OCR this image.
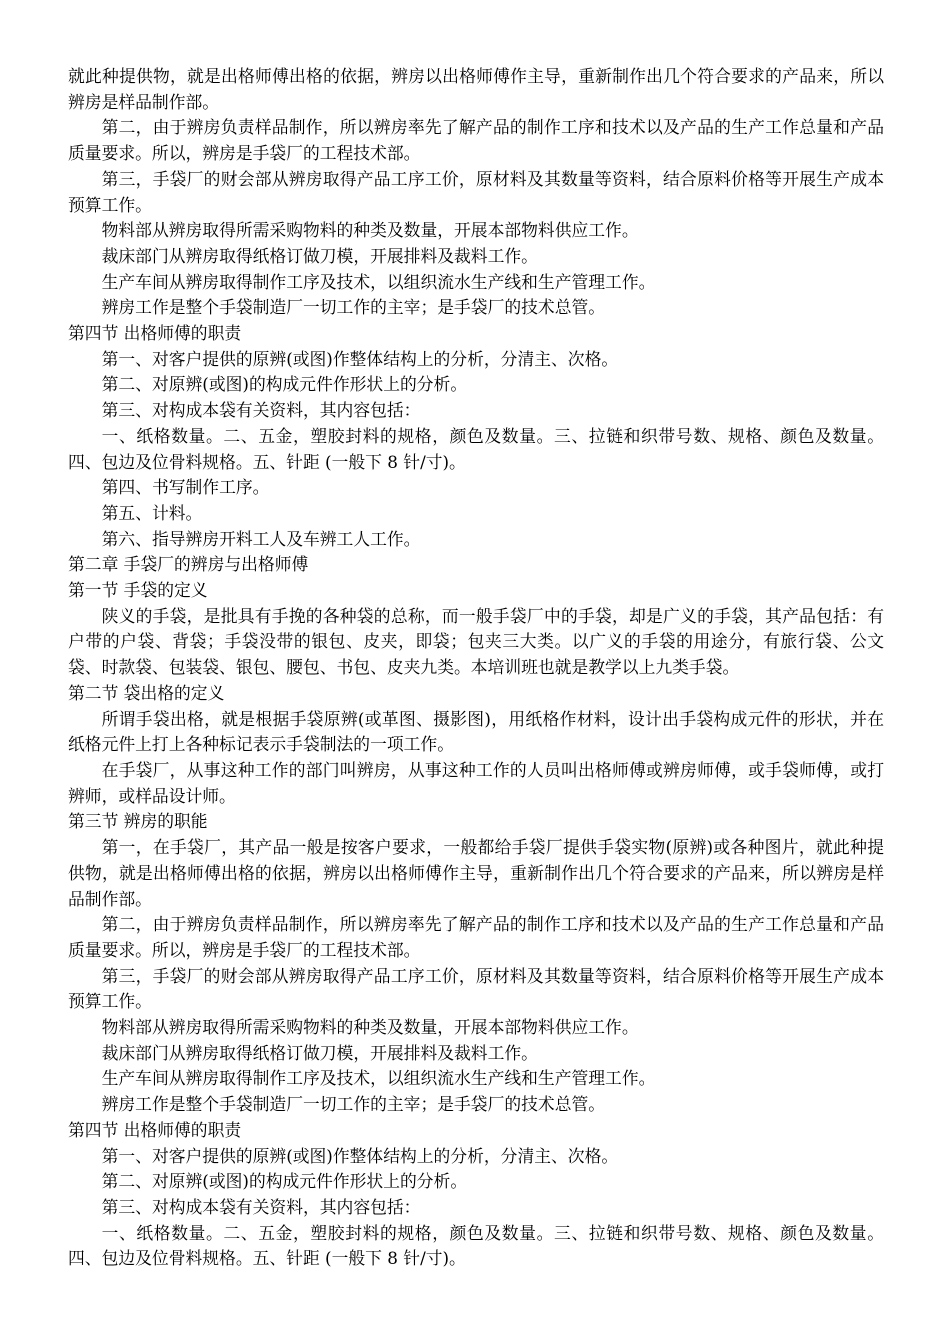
就此种提供物，就是出格师傅出格的依据，辨房以出格师傅作主导，重新制作出几个符合要求的产品来，所以辨房是样品制作部。

第二，由于辨房负责样品制作，所以辨房率先了解产品的制作工序和技术以及产品的生产工作总量和产品质量要求。所以，辨房是手袋厂的工程技术部。

第三，手袋厂的财会部从辨房取得产品工序工价，原材料及其数量等资料，结合原料价格等开展生产成本预算工作。

物料部从辨房取得所需采购物料的种类及数量，开展本部物料供应工作。

裁床部门从辨房取得纸格订做刀模，开展排料及裁料工作。

生产车间从辨房取得制作工序及技术，以组织流水生产线和生产管理工作。

辨房工作是整个手袋制造厂一切工作的主宰；是手袋厂的技术总管。

第四节 出格师傅的职责

第一、对客户提供的原辨(或图)作整体结构上的分析，分清主、次格。

第二、对原辨(或图)的构成元件作形状上的分析。

第三、对构成本袋有关资料，其内容包括：

一、纸格数量。二、五金，塑胶封料的规格，颜色及数量。三、拉链和织带号数、规格、颜色及数量。 四、包边及位骨料规格。五、针距 (一般下 8 针/寸)。

第四、书写制作工序。

第五、计料。

第六、指导辨房开料工人及车辨工人工作。

第二章 手袋厂的辨房与出格师傅

第一节 手袋的定义

陕义的手袋，是批具有手挽的各种袋的总称，而一般手袋厂中的手袋，却是广义的手袋，其产品包括：有户带的户袋、背袋；手袋没带的银包、皮夹，即袋；包夹三大类。以广义的手袋的用途分，有旅行袋、公文袋、时款袋、包装袋、银包、腰包、书包、皮夹九类。本培训班也就是教学以上九类手袋。

第二节 袋出格的定义

所谓手袋出格，就是根据手袋原辨(或革图、摄影图)，用纸格作材料，设计出手袋构成元件的形状，并在纸格元件上打上各种标记表示手袋制法的一项工作。

在手袋厂，从事这种工作的部门叫辨房，从事这种工作的人员叫出格师傅或辨房师傅，或手袋师傅，或打辨师，或样品设计师。

第三节 辨房的职能

第一，在手袋厂，其产品一般是按客户要求，一般都给手袋厂提供手袋实物(原辨)或各种图片，就此种提供物，就是出格师傅出格的依据，辨房以出格师傅作主导，重新制作出几个符合要求的产品来，所以辨房是样品制作部。

第二，由于辨房负责样品制作，所以辨房率先了解产品的制作工序和技术以及产品的生产工作总量和产品质量要求。所以，辨房是手袋厂的工程技术部。

第三，手袋厂的财会部从辨房取得产品工序工价，原材料及其数量等资料，结合原料价格等开展生产成本预算工作。

物料部从辨房取得所需采购物料的种类及数量，开展本部物料供应工作。

裁床部门从辨房取得纸格订做刀模，开展排料及裁料工作。

生产车间从辨房取得制作工序及技术，以组织流水生产线和生产管理工作。

辨房工作是整个手袋制造厂一切工作的主宰；是手袋厂的技术总管。

第四节 出格师傅的职责

第一、对客户提供的原辨(或图)作整体结构上的分析，分清主、次格。

第二、对原辨(或图)的构成元件作形状上的分析。

第三、对构成本袋有关资料，其内容包括：

一、纸格数量。二、五金，塑胶封料的规格，颜色及数量。三、拉链和织带号数、规格、颜色及数量。 四、包边及位骨料规格。五、针距 (一般下 8 针/寸)。
